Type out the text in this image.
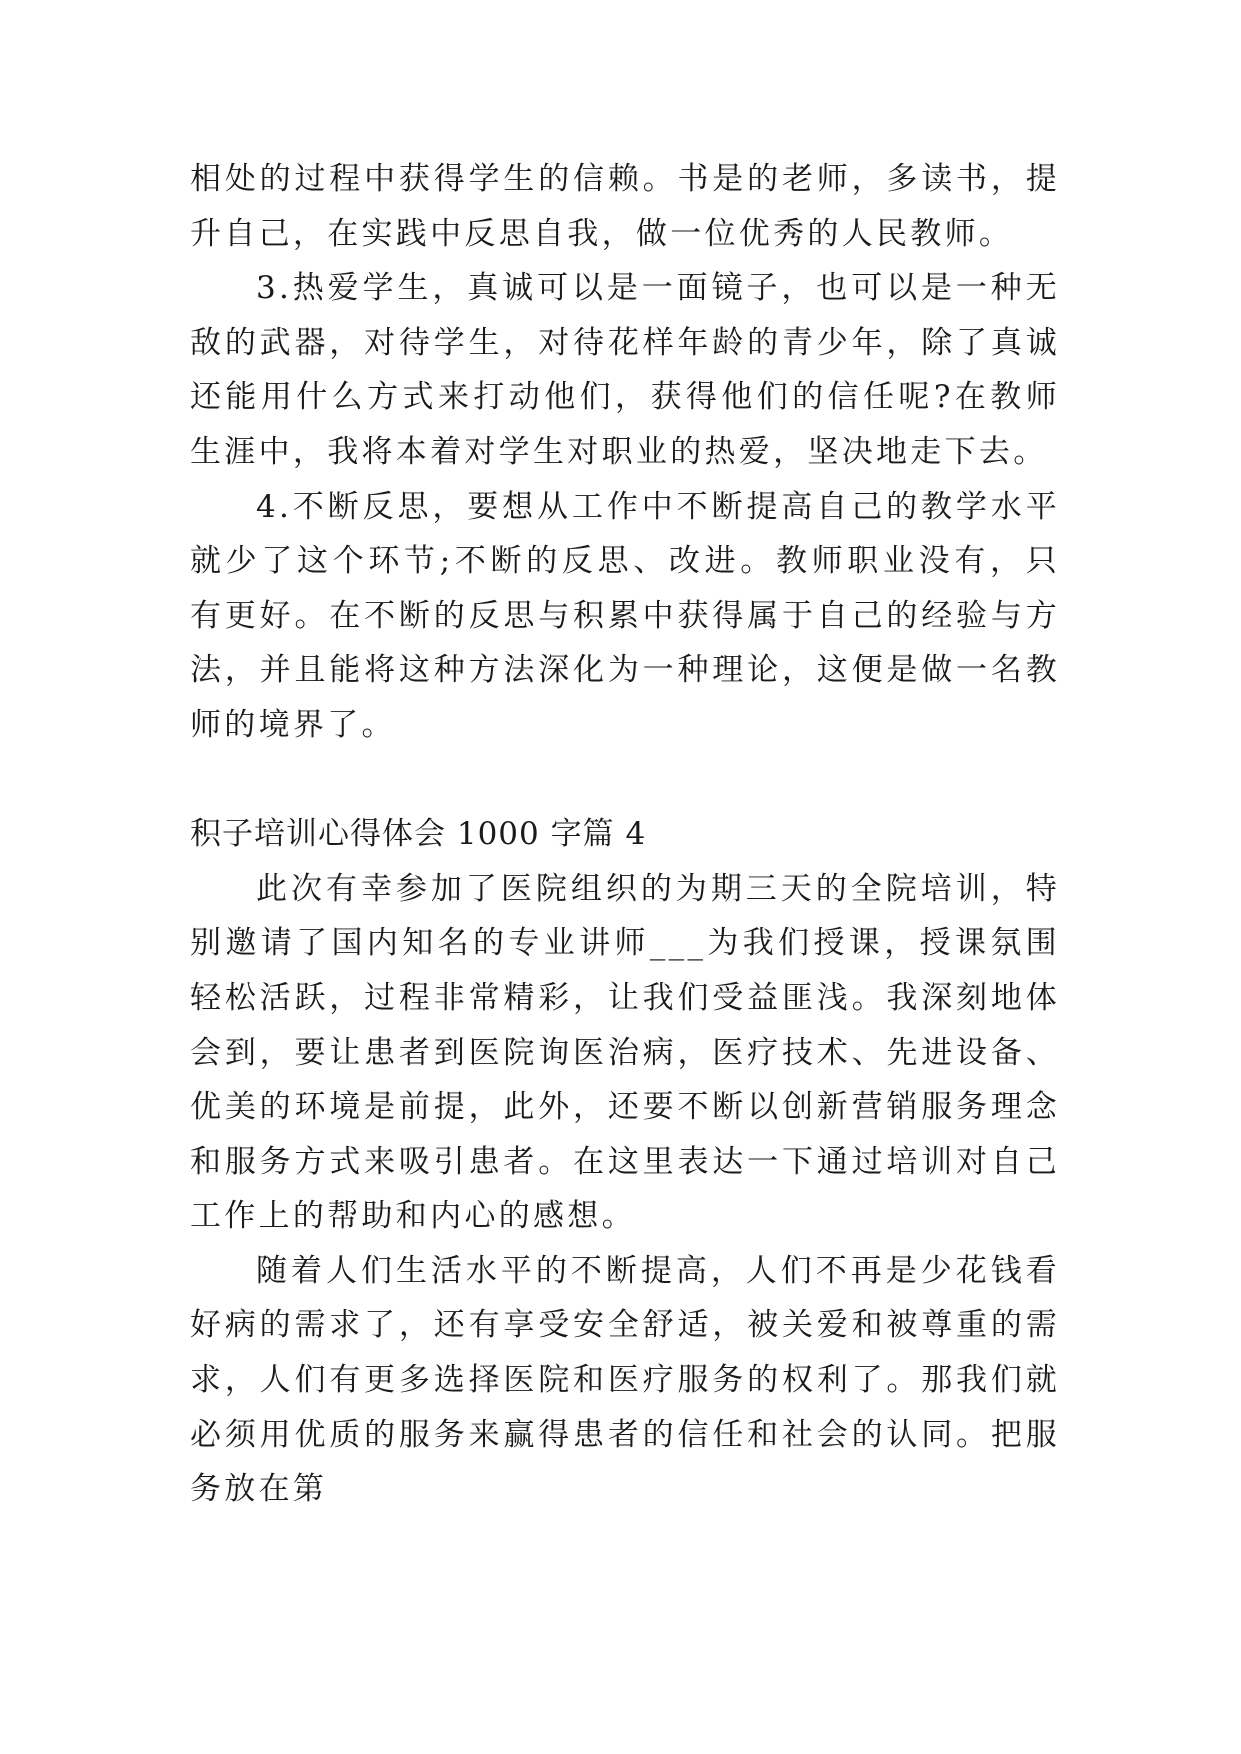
相处的过程中获得学生的信赖。书是的老师，多读书，提升自己，在实践中反思自我，做一位优秀的人民教师。

3.热爱学生，真诚可以是一面镜子，也可以是一种无敌的武器，对待学生，对待花样年龄的青少年，除了真诚还能用什么方式来打动他们，获得他们的信任呢?在教师生涯中，我将本着对学生对职业的热爱，坚决地走下去。

4.不断反思，要想从工作中不断提高自己的教学水平就少了这个环节;不断的反思、改进。教师职业没有，只有更好。在不断的反思与积累中获得属于自己的经验与方法，并且能将这种方法深化为一种理论，这便是做一名教师的境界了。

积子培训心得体会 1000 字篇 4

此次有幸参加了医院组织的为期三天的全院培训，特别邀请了国内知名的专业讲师___为我们授课，授课氛围轻松活跃，过程非常精彩，让我们受益匪浅。我深刻地体会到，要让患者到医院询医治病，医疗技术、先进设备、优美的环境是前提，此外，还要不断以创新营销服务理念和服务方式来吸引患者。在这里表达一下通过培训对自己工作上的帮助和内心的感想。

随着人们生活水平的不断提高，人们不再是少花钱看好病的需求了，还有享受安全舒适，被关爱和被尊重的需求，人们有更多选择医院和医疗服务的权利了。那我们就必须用优质的服务来赢得患者的信任和社会的认同。把服务放在第
